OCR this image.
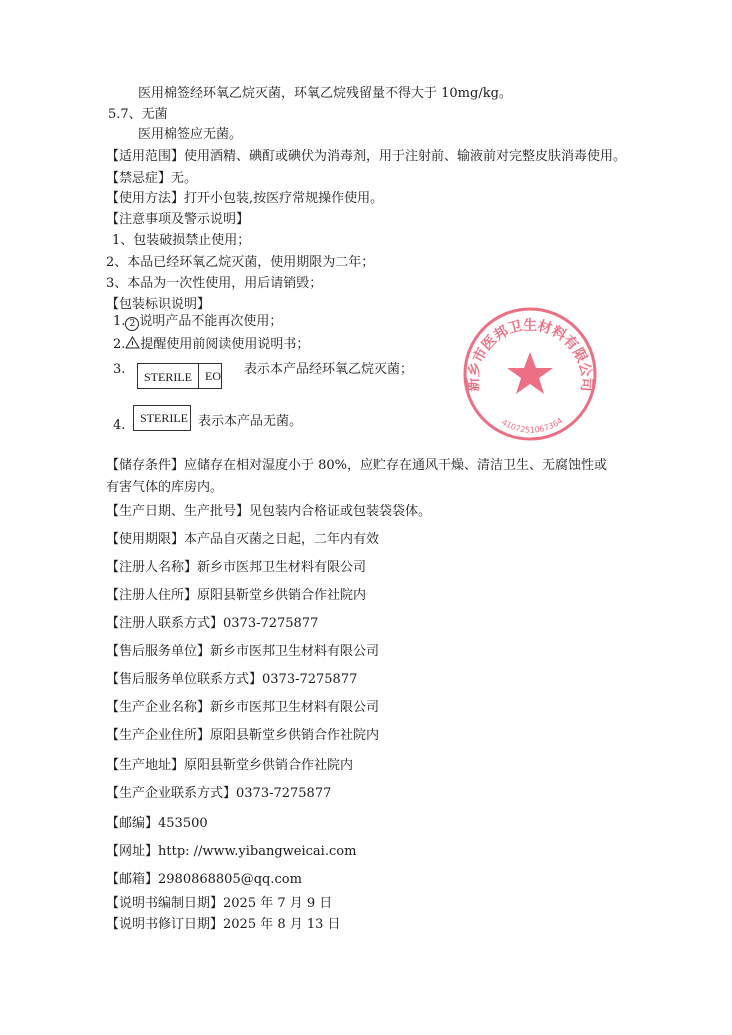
医用棉签经环氧乙烷灭菌，环氧乙烷残留量不得大于 10mg/kg。
5.7、无菌
医用棉签应无菌。
【适用范围】使用酒精、碘酊或碘伏为消毒剂，用于注射前、输液前对完整皮肤消毒使用。
【禁忌症】无。
【使用方法】打开小包装,按医疗常规操作使用。
【注意事项及警示说明】
1、包装破损禁止使用；
2、本品已经环氧乙烷灭菌，使用期限为二年；
3、本品为一次性使用，用后请销毁；
【包装标识说明】
1. 2 说明产品不能再次使用；
2. 提醒使用前阅读使用说明书；
3.	STERILE	EO	表示本产品经环氧乙烷灭菌；
4.
STERILE 表示本产品无菌。
【储存条件】应储存在相对湿度小于 80%，应贮存在通风干燥、清洁卫生、无腐蚀性或
有害气体的库房内。
【生产日期、生产批号】见包装内合格证或包装袋袋体。
【使用期限】本产品自灭菌之日起，二年内有效
【注册人名称】新乡市医邦卫生材料有限公司
【注册人住所】原阳县靳堂乡供销合作社院内
【注册人联系方式】0373-7275877
【售后服务单位】新乡市医邦卫生材料有限公司
【售后服务单位联系方式】0373-7275877
【生产企业名称】新乡市医邦卫生材料有限公司
【生产企业住所】原阳县靳堂乡供销合作社院内
【生产地址】原阳县靳堂乡供销合作社院内
【生产企业联系方式】0373-7275877
【邮编】453500
【网址】http: //www.yibangweicai.com
【邮箱】2980868805@qq.com
【说明书编制日期】2025 年 7 月 9 日
【说明书修订日期】2025 年 8 月 13 日
新乡市医邦卫生材料有限公司
4107251067364
